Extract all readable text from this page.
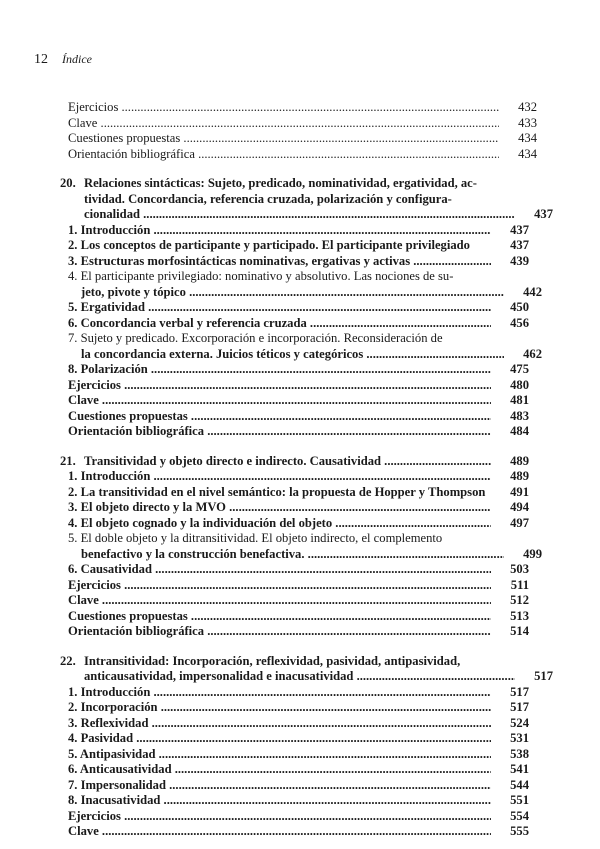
12 Índice
Ejercicios .....	432
Clave .....	433
Cuestiones propuestas .....	434
Orientación bibliográfica .....	434
20. Relaciones sintácticas: Sujeto, predicado, nominatividad, ergatividad, ac-
tividad. Concordancia, referencia cruzada, polarización y configura-
cionalidad .....	437
1. Introducción .....	437
2. Los conceptos de participante y participado. El participante privilegiado	437
3. Estructuras morfosintácticas nominativas, ergativas y activas .....	439
4. El participante privilegiado: nominativo y absolutivo. Las nociones de su-
jeto, pivote y tópico .....	442
5. Ergatividad .....	450
6. Concordancia verbal y referencia cruzada .....	456
7. Sujeto y predicado. Excorporación e incorporación. Reconsideración de
la concordancia externa. Juicios téticos y categóricos .....	462
8. Polarización .....	475
Ejercicios .....	480
Clave .....	481
Cuestiones propuestas .....	483
Orientación bibliográfica .....	484
21. Transitividad y objeto directo e indirecto. Causatividad .....	489
1. Introducción .....	489
2. La transitividad en el nivel semántico: la propuesta de Hopper y Thompson	491
3. El objeto directo y la MVO .....	494
4. El objeto cognado y la individuación del objeto .....	497
5. El doble objeto y la ditransitividad. El objeto indirecto, el complemento
benefactivo y la construcción benefactiva. .....	499
6. Causatividad .....	503
Ejercicios .....	511
Clave .....	512
Cuestiones propuestas .....	513
Orientación bibliográfica .....	514
22. Intransitividad: Incorporación, reflexividad, pasividad, antipasividad,
anticausatividad, impersonalidad e inacusatividad .....	517
1. Introducción .....	517
2. Incorporación .....	517
3. Reflexividad .....	524
4. Pasividad .....	531
5. Antipasividad .....	538
6. Anticausatividad .....	541
7. Impersonalidad .....	544
8. Inacusatividad .....	551
Ejercicios .....	554
Clave .....	555
